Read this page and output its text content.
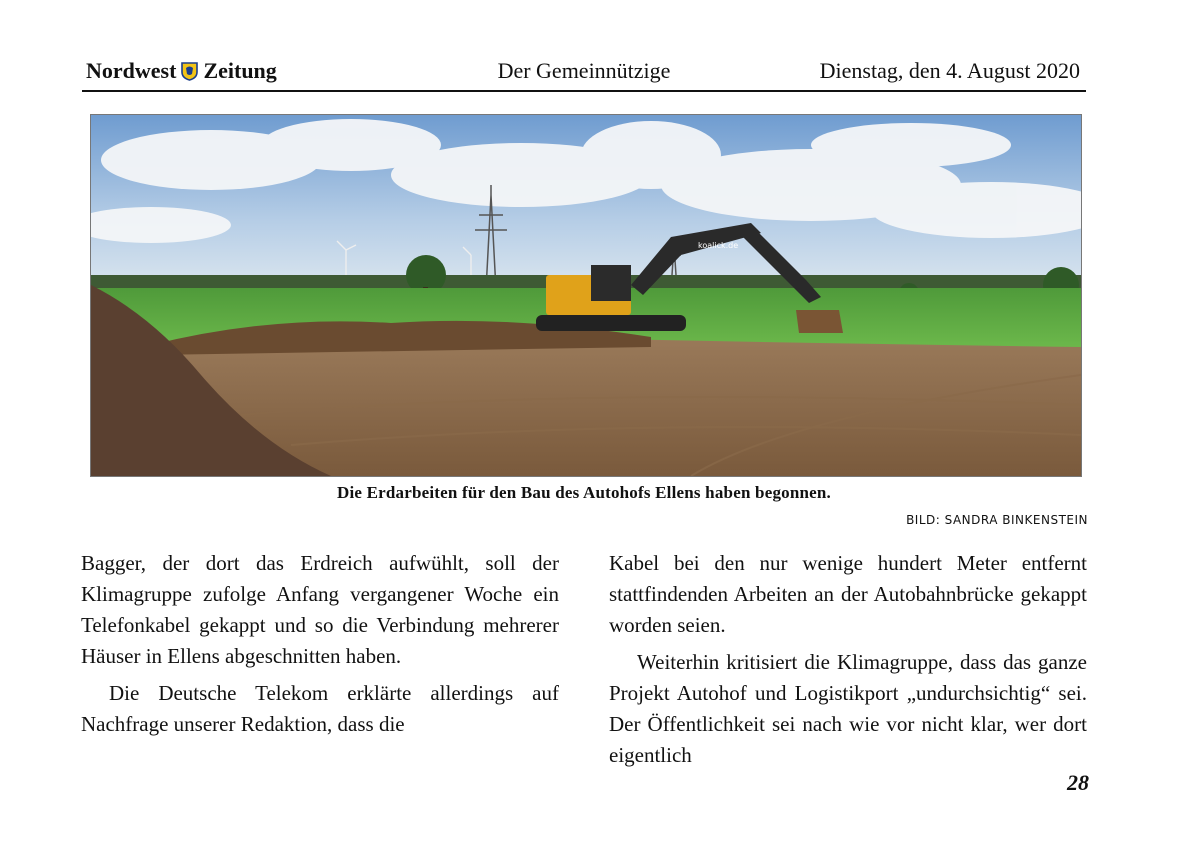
Nordwest Zeitung	Der Gemeinnützige	Dienstag, den 4. August 2020
koalick.de
Die Erdarbeiten für den Bau des Autohofs Ellens haben begonnen.
BILD: SANDRA BINKENSTEIN

Bagger, der dort das Erdreich aufwühlt, soll der Klimagruppe zufolge Anfang vergangener Woche ein Telefonkabel gekappt und so die Verbindung mehrerer Häuser in Ellens abgeschnitten haben.

Die Deutsche Telekom erklärte allerdings auf Nachfrage unserer Redaktion, dass die

Kabel bei den nur wenige hundert Meter entfernt stattfindenden Arbeiten an der Autobahnbrücke gekappt worden seien.

Weiterhin kritisiert die Klimagruppe, dass das ganze Projekt Autohof und Logistikport „undurchsichtig“ sei. Der Öffentlichkeit sei nach wie vor nicht klar, wer dort eigentlich

28
